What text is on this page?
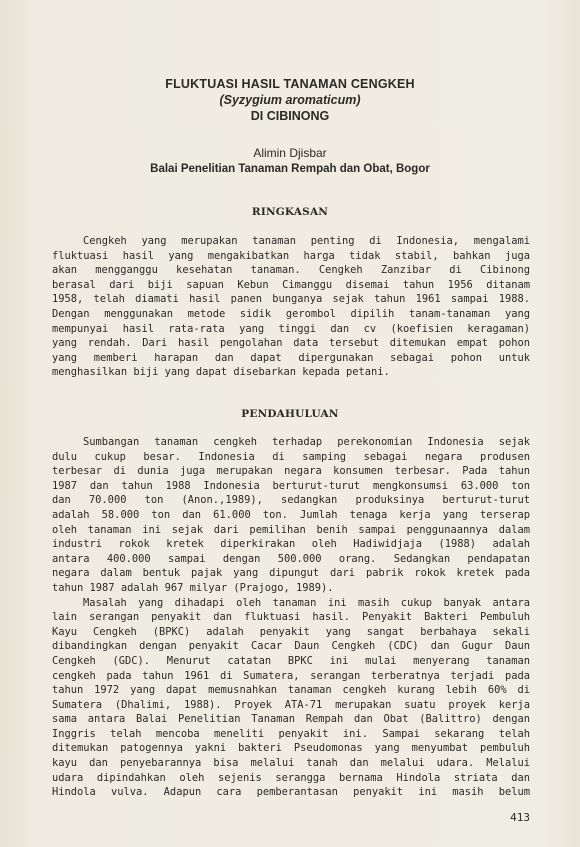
FLUKTUASI HASIL TANAMAN CENGKEH
(Syzygium aromaticum)
DI CIBINONG
Alimin Djisbar
Balai Penelitian Tanaman Rempah dan Obat, Bogor
RINGKASAN
Cengkeh yang merupakan tanaman penting di Indonesia, mengalami
fluktuasi hasil yang mengakibatkan harga tidak stabil, bahkan juga
akan mengganggu kesehatan tanaman. Cengkeh Zanzibar di Cibinong
berasal dari biji sapuan Kebun Cimanggu disemai tahun 1956 ditanam
1958, telah diamati hasil panen bunganya sejak tahun 1961 sampai 1988.
Dengan menggunakan metode sidik gerombol dipilih tanam-tanaman yang
mempunyai hasil rata-rata yang tinggi dan cv (koefisien keragaman)
yang rendah. Dari hasil pengolahan data tersebut ditemukan empat pohon
yang memberi harapan dan dapat dipergunakan sebagai pohon untuk
menghasilkan biji yang dapat disebarkan kepada petani.
PENDAHULUAN
Sumbangan tanaman cengkeh terhadap perekonomian Indonesia sejak
dulu cukup besar. Indonesia di samping sebagai negara produsen
terbesar di dunia juga merupakan negara konsumen terbesar. Pada tahun
1987 dan tahun 1988 Indonesia berturut-turut mengkonsumsi 63.000 ton
dan 70.000 ton (Anon.,1989), sedangkan produksinya berturut-turut
adalah 58.000 ton dan 61.000 ton. Jumlah tenaga kerja yang terserap
oleh tanaman ini sejak dari pemilihan benih sampai penggunaannya dalam
industri rokok kretek diperkirakan oleh Hadiwidjaja (1988) adalah
antara 400.000 sampai dengan 500.000 orang. Sedangkan pendapatan
negara dalam bentuk pajak yang dipungut dari pabrik rokok kretek pada
tahun 1987 adalah 967 milyar (Prajogo, 1989).
Masalah yang dihadapi oleh tanaman ini masih cukup banyak antara
lain serangan penyakit dan fluktuasi hasil. Penyakit Bakteri Pembuluh
Kayu Cengkeh (BPKC) adalah penyakit yang sangat berbahaya sekali
dibandingkan dengan penyakit Cacar Daun Cengkeh (CDC) dan Gugur Daun
Cengkeh (GDC). Menurut catatan BPKC ini mulai menyerang tanaman
cengkeh pada tahun 1961 di Sumatera, serangan terberatnya terjadi pada
tahun 1972 yang dapat memusnahkan tanaman cengkeh kurang lebih 60% di
Sumatera (Dhalimi, 1988). Proyek ATA-71 merupakan suatu proyek kerja
sama antara Balai Penelitian Tanaman Rempah dan Obat (Balittro) dengan
Inggris telah mencoba meneliti penyakit ini. Sampai sekarang telah
ditemukan patogennya yakni bakteri Pseudomonas yang menyumbat pembuluh
kayu dan penyebarannya bisa melalui tanah dan melalui udara. Melalui
udara dipindahkan oleh sejenis serangga bernama Hindola striata dan
Hindola vulva. Adapun cara pemberantasan penyakit ini masih belum
413
